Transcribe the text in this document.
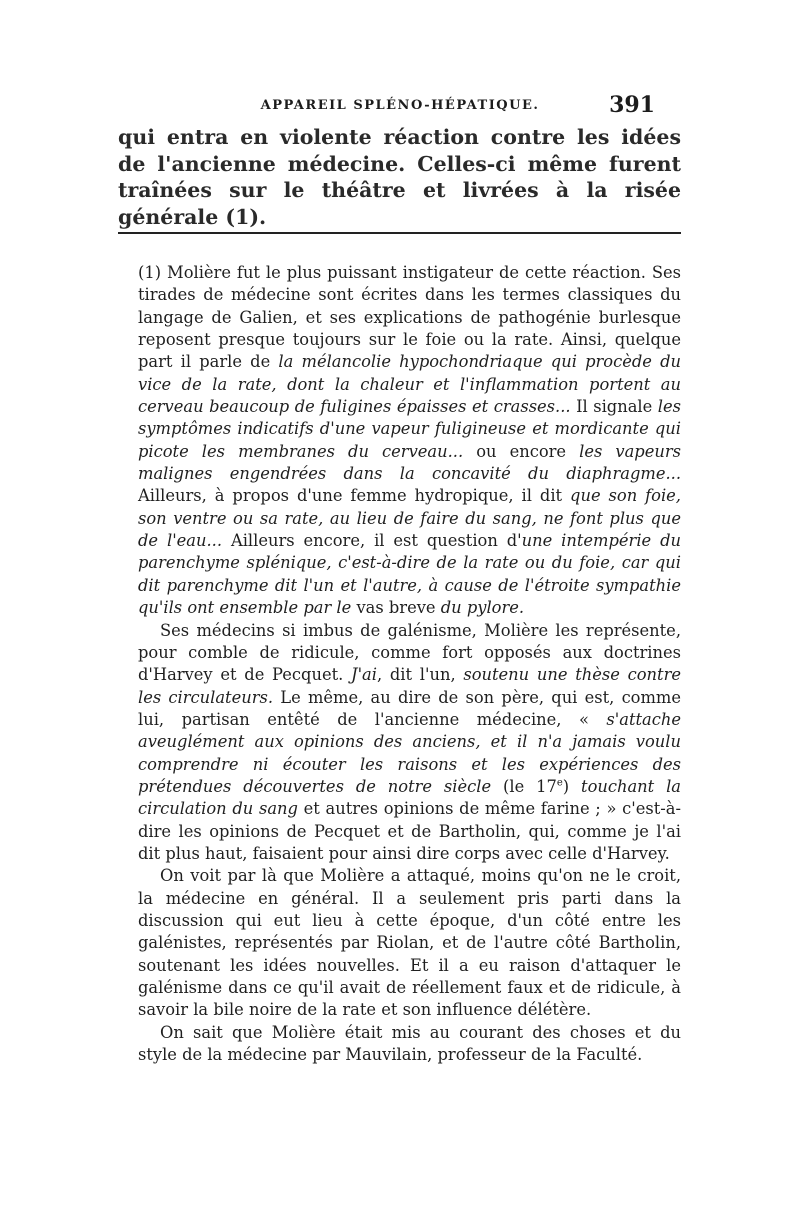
APPAREIL SPLÉNO-HÉPATIQUE.	391

qui entra en violente réaction contre les idées de l'ancienne médecine. Celles-ci même furent traînées sur le théâtre et livrées à la risée générale (1).

(1) Molière fut le plus puissant instigateur de cette réaction. Ses tirades de médecine sont écrites dans les termes classiques du langage de Galien, et ses explications de pathogénie burlesque reposent presque toujours sur le foie ou la rate. Ainsi, quelque part il parle de la mélancolie hypochondriaque qui procède du vice de la rate, dont la chaleur et l'inflammation portent au cerveau beaucoup de fuligines épaisses et crasses... Il signale les symptômes indicatifs d'une vapeur fuligineuse et mordicante qui picote les membranes du cerveau... ou encore les vapeurs malignes engendrées dans la concavité du diaphragme... Ailleurs, à propos d'une femme hydropique, il dit que son foie, son ventre ou sa rate, au lieu de faire du sang, ne font plus que de l'eau... Ailleurs encore, il est question d'une intempérie du parenchyme splénique, c'est-à-dire de la rate ou du foie, car qui dit parenchyme dit l'un et l'autre, à cause de l'étroite sympathie qu'ils ont ensemble par le vas breve du pylore.

Ses médecins si imbus de galénisme, Molière les représente, pour comble de ridicule, comme fort opposés aux doctrines d'Harvey et de Pecquet. J'ai, dit l'un, soutenu une thèse contre les circulateurs. Le même, au dire de son père, qui est, comme lui, partisan entêté de l'ancienne médecine, « s'attache aveuglément aux opinions des anciens, et il n'a jamais voulu comprendre ni écouter les raisons et les expériences des prétendues découvertes de notre siècle (le 17e) touchant la circulation du sang et autres opinions de même farine ; » c'est-à-dire les opinions de Pecquet et de Bartholin, qui, comme je l'ai dit plus haut, faisaient pour ainsi dire corps avec celle d'Harvey.

On voit par là que Molière a attaqué, moins qu'on ne le croit, la médecine en général. Il a seulement pris parti dans la discussion qui eut lieu à cette époque, d'un côté entre les galénistes, représentés par Riolan, et de l'autre côté Bartholin, soutenant les idées nouvelles. Et il a eu raison d'attaquer le galénisme dans ce qu'il avait de réellement faux et de ridicule, à savoir la bile noire de la rate et son influence délétère.

On sait que Molière était mis au courant des choses et du style de la médecine par Mauvilain, professeur de la Faculté.
